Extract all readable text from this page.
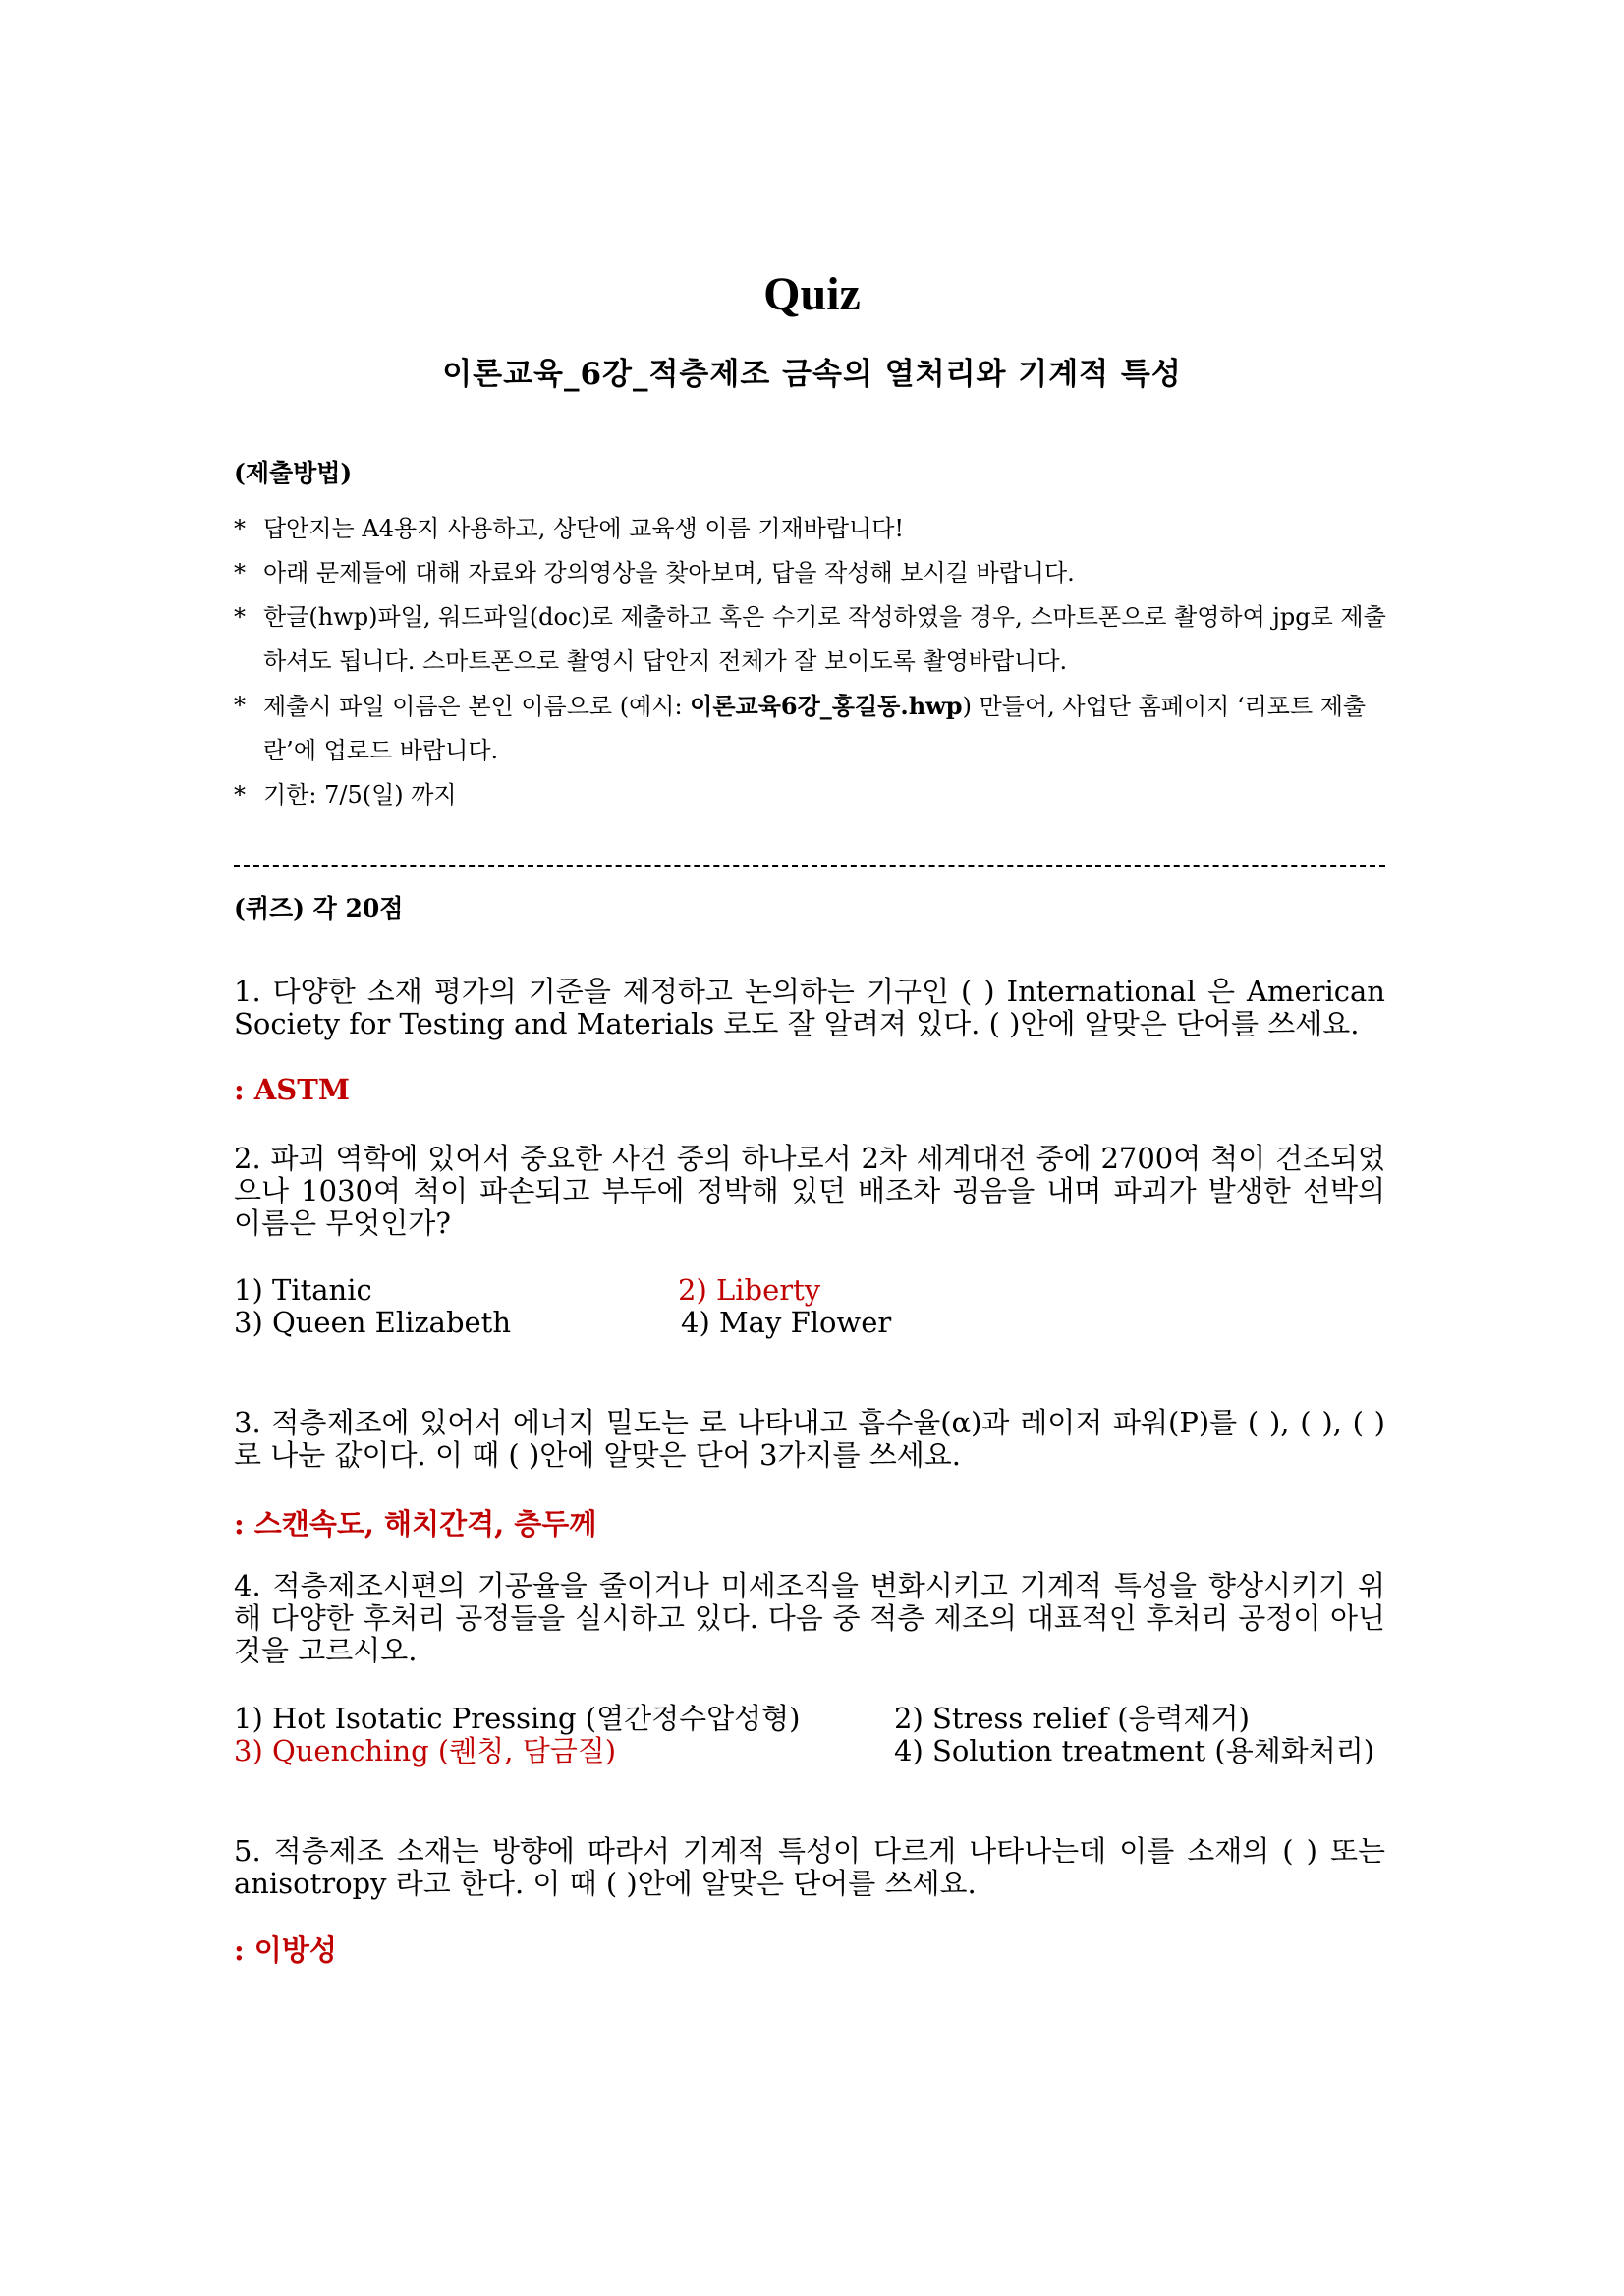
Quiz
이론교육_6강_적층제조 금속의 열처리와 기계적 특성
(제출방법)
* 답안지는 A4용지 사용하고, 상단에 교육생 이름 기재바랍니다!
* 아래 문제들에 대해 자료와 강의영상을 찾아보며, 답을 작성해 보시길 바랍니다.
* 한글(hwp)파일, 워드파일(doc)로 제출하고 혹은 수기로 작성하였을 경우, 스마트폰으로 촬영하여 jpg로 제출하셔도 됩니다. 스마트폰으로 촬영시 답안지 전체가 잘 보이도록 촬영바랍니다.
* 제출시 파일 이름은 본인 이름으로 (예시: 이론교육6강_홍길동.hwp) 만들어, 사업단 홈페이지 ‘리포트 제출란’에 업로드 바랍니다.
* 기한: 7/5(일) 까지
(퀴즈) 각 20점
1. 다양한 소재 평가의 기준을 제정하고 논의하는 기구인 ( ) International 은 American Society for Testing and Materials 로도 잘 알려져 있다. ( )안에 알맞은 단어를 쓰세요.
: ASTM
2. 파괴 역학에 있어서 중요한 사건 중의 하나로서 2차 세계대전 중에 2700여 척이 건조되었으나 1030여 척이 파손되고 부두에 정박해 있던 배조차 굉음을 내며 파괴가 발생한 선박의 이름은 무엇인가?
1) Titanic	2) Liberty
3) Queen Elizabeth	4) May Flower
3. 적층제조에 있어서 에너지 밀도는 로 나타내고 흡수율(α)과 레이저 파워(P)를 ( ), ( ), ( ) 로 나눈 값이다. 이 때 ( )안에 알맞은 단어 3가지를 쓰세요.
: 스캔속도, 해치간격, 층두께
4. 적층제조시편의 기공율을 줄이거나 미세조직을 변화시키고 기계적 특성을 향상시키기 위해 다양한 후처리 공정들을 실시하고 있다. 다음 중 적층 제조의 대표적인 후처리 공정이 아닌 것을 고르시오.
1) Hot Isotatic Pressing (열간정수압성형)	2) Stress relief (응력제거)
3) Quenching (퀜칭, 담금질)	4) Solution treatment (용체화처리)
5. 적층제조 소재는 방향에 따라서 기계적 특성이 다르게 나타나는데 이를 소재의 ( ) 또는 anisotropy 라고 한다. 이 때 ( )안에 알맞은 단어를 쓰세요.
: 이방성
